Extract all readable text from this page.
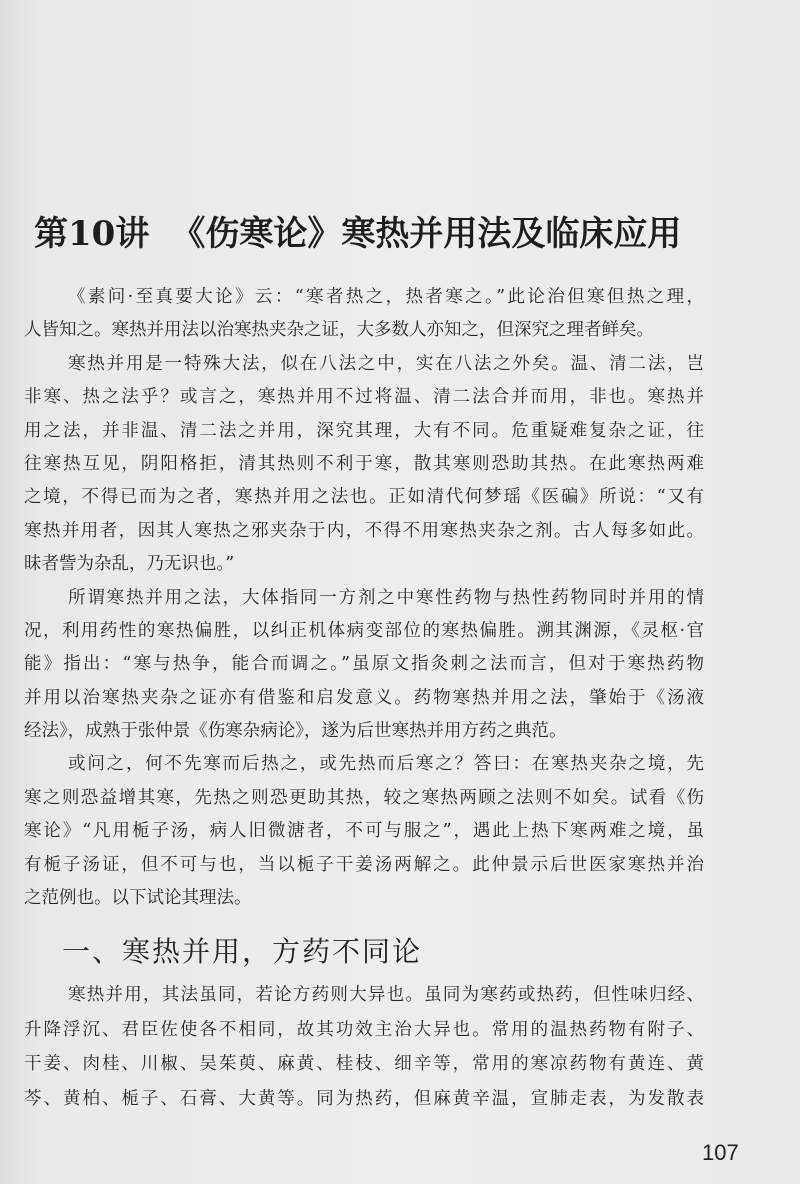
第10讲 《伤寒论》寒热并用法及临床应用
《素问·至真要大论》云：“寒者热之，热者寒之。”此论治但寒但热之理，
人皆知之。寒热并用法以治寒热夹杂之证，大多数人亦知之，但深究之理者鲜矣。
寒热并用是一特殊大法，似在八法之中，实在八法之外矣。温、清二法，岂
非寒、热之法乎？或言之，寒热并用不过将温、清二法合并而用，非也。寒热并
用之法，并非温、清二法之并用，深究其理，大有不同。危重疑难复杂之证，往
往寒热互见，阴阳格拒，清其热则不利于寒，散其寒则恐助其热。在此寒热两难
之境，不得已而为之者，寒热并用之法也。正如清代何梦瑶《医碥》所说：“又有
寒热并用者，因其人寒热之邪夹杂于内，不得不用寒热夹杂之剂。古人每多如此。
昧者訾为杂乱，乃无识也。”
所谓寒热并用之法，大体指同一方剂之中寒性药物与热性药物同时并用的情
况，利用药性的寒热偏胜，以纠正机体病变部位的寒热偏胜。溯其渊源，《灵枢·官
能》指出：“寒与热争，能合而调之。”虽原文指灸刺之法而言，但对于寒热药物
并用以治寒热夹杂之证亦有借鉴和启发意义。药物寒热并用之法，肇始于《汤液
经法》，成熟于张仲景《伤寒杂病论》，遂为后世寒热并用方药之典范。
或问之，何不先寒而后热之，或先热而后寒之？答曰：在寒热夹杂之境，先
寒之则恐益增其寒，先热之则恐更助其热，较之寒热两顾之法则不如矣。试看《伤
寒论》“凡用栀子汤，病人旧微溏者，不可与服之”，遇此上热下寒两难之境，虽
有栀子汤证，但不可与也，当以栀子干姜汤两解之。此仲景示后世医家寒热并治
之范例也。以下试论其理法。
一、寒热并用，方药不同论
寒热并用，其法虽同，若论方药则大异也。虽同为寒药或热药，但性味归经、
升降浮沉、君臣佐使各不相同，故其功效主治大异也。常用的温热药物有附子、
干姜、肉桂、川椒、吴茱萸、麻黄、桂枝、细辛等，常用的寒凉药物有黄连、黄
芩、黄柏、栀子、石膏、大黄等。同为热药，但麻黄辛温，宣肺走表，为发散表
107
